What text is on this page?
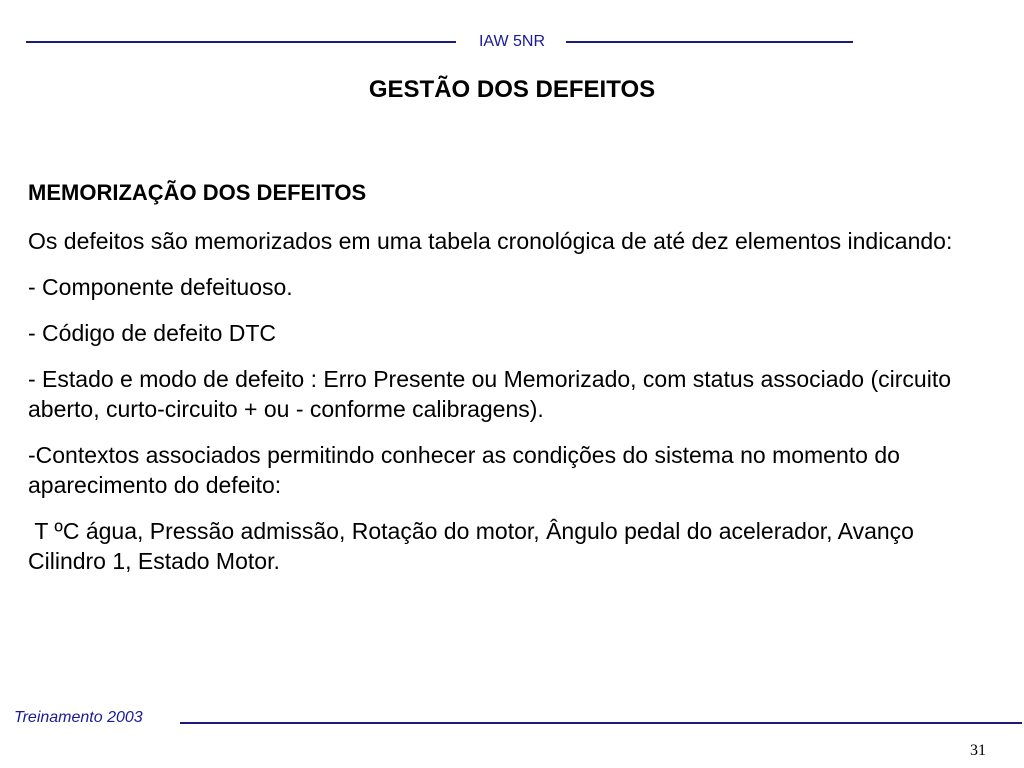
IAW 5NR
GESTÃO DOS DEFEITOS
MEMORIZAÇÃO DOS DEFEITOS
Os defeitos são memorizados em uma tabela cronológica de até dez elementos indicando:
- Componente defeituoso.
- Código de defeito DTC
- Estado e modo de defeito : Erro Presente ou Memorizado, com status associado (circuito aberto, curto-circuito + ou - conforme calibragens).
-Contextos associados permitindo conhecer as condições do sistema no momento do aparecimento do defeito:
T ºC água, Pressão admissão, Rotação do motor, Ângulo pedal do acelerador, Avanço Cilindro 1, Estado Motor.
Treinamento 2003
31
